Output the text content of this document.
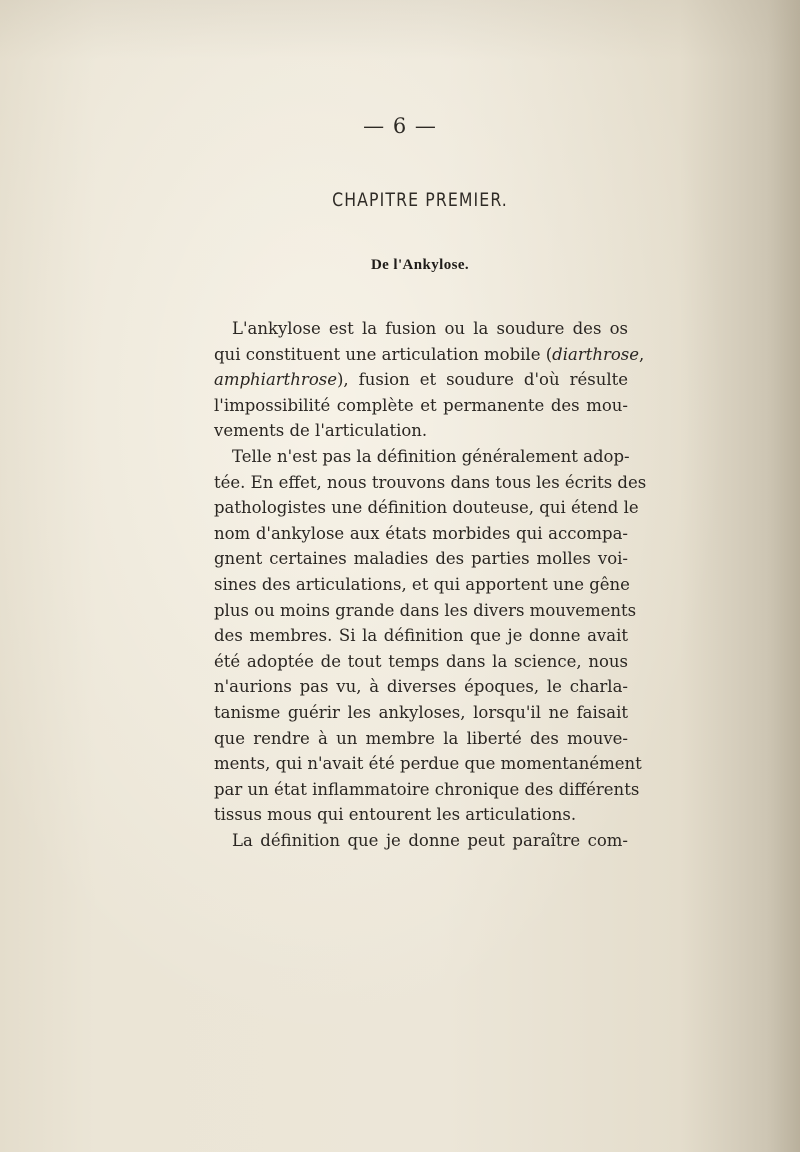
— 6 —
CHAPITRE PREMIER.
De l'Ankylose.
L'ankylose est la fusion ou la soudure des os
qui constituent une articulation mobile (diarthrose,
amphiarthrose), fusion et soudure d'où résulte
l'impossibilité complète et permanente des mou-
vements de l'articulation.
Telle n'est pas la définition généralement adop-
tée. En effet, nous trouvons dans tous les écrits des
pathologistes une définition douteuse, qui étend le
nom d'ankylose aux états morbides qui accompa-
gnent certaines maladies des parties molles voi-
sines des articulations, et qui apportent une gêne
plus ou moins grande dans les divers mouvements
des membres. Si la définition que je donne avait
été adoptée de tout temps dans la science, nous
n'aurions pas vu, à diverses époques, le charla-
tanisme guérir les ankyloses, lorsqu'il ne faisait
que rendre à un membre la liberté des mouve-
ments, qui n'avait été perdue que momentanément
par un état inflammatoire chronique des différents
tissus mous qui entourent les articulations.
La définition que je donne peut paraître com-
